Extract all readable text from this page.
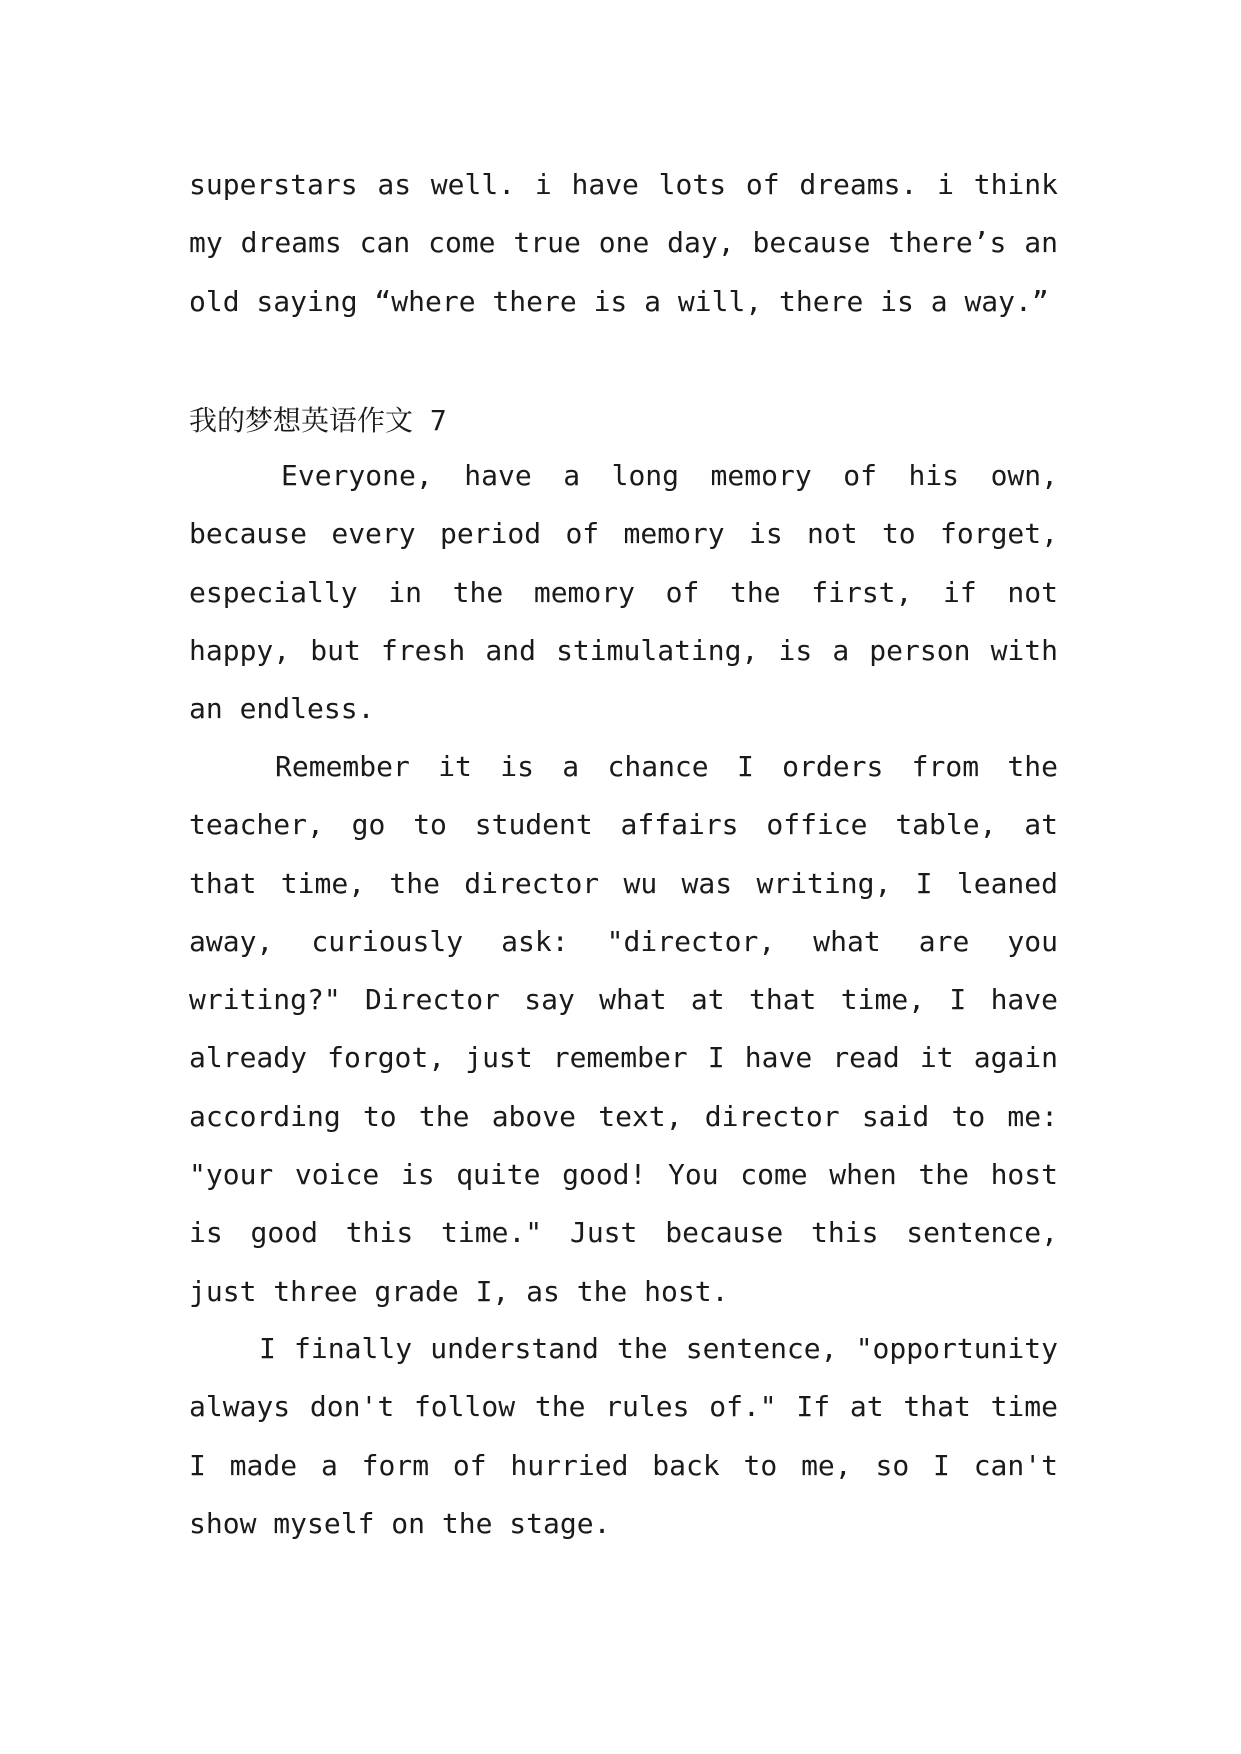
superstars as well. i have lots of dreams. i think
my dreams can come true one day, because there’s an
old saying “where there is a will, there is a way.”
我的梦想英语作文 7
Everyone, have a long memory of his own,
because every period of memory is not to forget,
especially in the memory of the first, if not
happy, but fresh and stimulating, is a person with
an endless.
Remember it is a chance I orders from the
teacher, go to student affairs office table, at
that time, the director wu was writing, I leaned
away, curiously ask: "director, what are you
writing?" Director say what at that time, I have
already forgot, just remember I have read it again
according to the above text, director said to me:
"your voice is quite good! You come when the host
is good this time." Just because this sentence,
just three grade I, as the host.
I finally understand the sentence, "opportunity
always don't follow the rules of." If at that time
I made a form of hurried back to me, so I can't
show myself on the stage.
